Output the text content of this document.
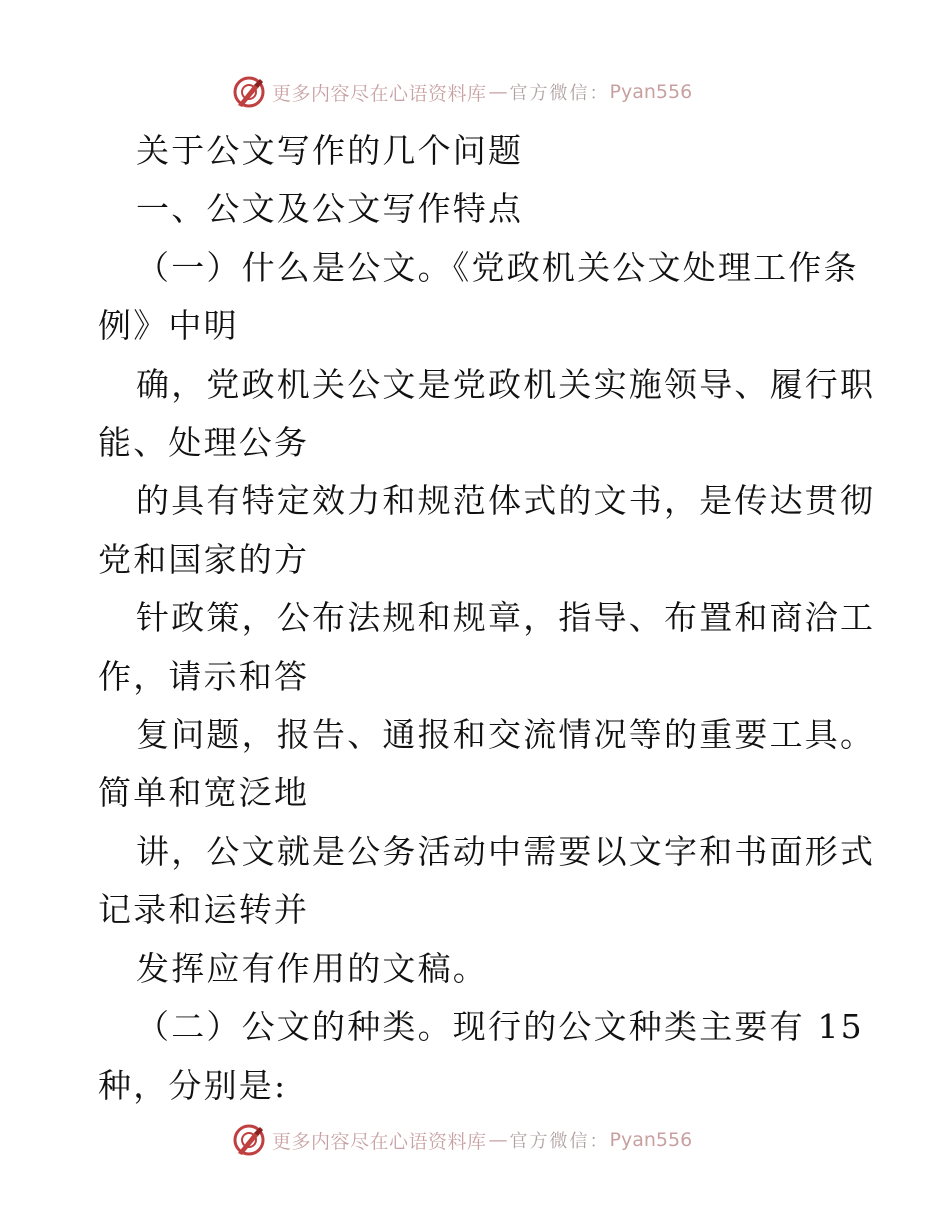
更多内容尽在心语资料库 — 官方微信： Pyan556

关于公文写作的几个问题
一、公文及公文写作特点
（一）什么是公文。《党政机关公文处理工作条
例》中明
确，党政机关公文是党政机关实施领导、履行职
能、处理公务
的具有特定效力和规范体式的文书，是传达贯彻
党和国家的方
针政策，公布法规和规章，指导、布置和商洽工
作，请示和答
复问题，报告、通报和交流情况等的重要工具。
简单和宽泛地
讲，公文就是公务活动中需要以文字和书面形式
记录和运转并
发挥应有作用的文稿。
（二）公文的种类。现行的公文种类主要有 15
种，分别是:

更多内容尽在心语资料库 — 官方微信： Pyan556
